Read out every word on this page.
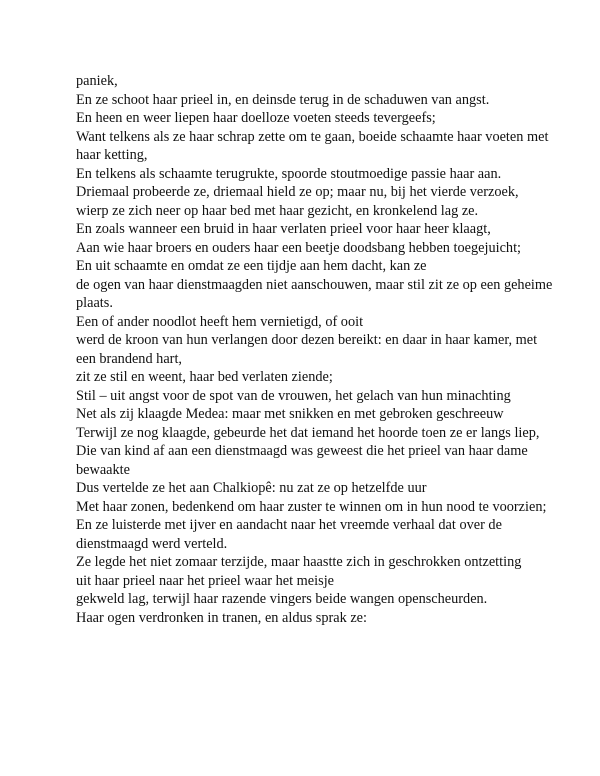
paniek,
En ze schoot haar prieel in, en deinsde terug in de schaduwen van angst.
En heen en weer liepen haar doelloze voeten steeds tevergeefs;
Want telkens als ze haar schrap zette om te gaan, boeide schaamte haar voeten met haar ketting,
En telkens als schaamte terugrukte, spoorde stoutmoedige passie haar aan.
Driemaal probeerde ze, driemaal hield ze op; maar nu, bij het vierde verzoek,
wierp ze zich neer op haar bed met haar gezicht, en kronkelend lag ze.
En zoals wanneer een bruid in haar verlaten prieel voor haar heer klaagt,
Aan wie haar broers en ouders haar een beetje doodsbang hebben toegejuicht;
En uit schaamte en omdat ze een tijdje aan hem dacht, kan ze
de ogen van haar dienstmaagden niet aanschouwen, maar stil zit ze op een geheime plaats.
Een of ander noodlot heeft hem vernietigd, of ooit
werd de kroon van hun verlangen door dezen bereikt: en daar in haar kamer, met een brandend hart,
zit ze stil en weent, haar bed verlaten ziende;
Stil – uit angst voor de spot van de vrouwen, het gelach van hun minachting
Net als zij klaagde Medea: maar met snikken en met gebroken geschreeuw
Terwijl ze nog klaagde, gebeurde het dat iemand het hoorde toen ze er langs liep,
Die van kind af aan een dienstmaagd was geweest die het prieel van haar dame bewaakte
Dus vertelde ze het aan Chalkiopê: nu zat ze op hetzelfde uur
Met haar zonen, bedenkend om haar zuster te winnen om in hun nood te voorzien;
En ze luisterde met ijver en aandacht naar het vreemde verhaal dat over de dienstmaagd werd verteld.
Ze legde het niet zomaar terzijde, maar haastte zich in geschrokken ontzetting
uit haar prieel naar het prieel waar het meisje
gekweld lag, terwijl haar razende vingers beide wangen openscheurden.
Haar ogen verdronken in tranen, en aldus sprak ze:
